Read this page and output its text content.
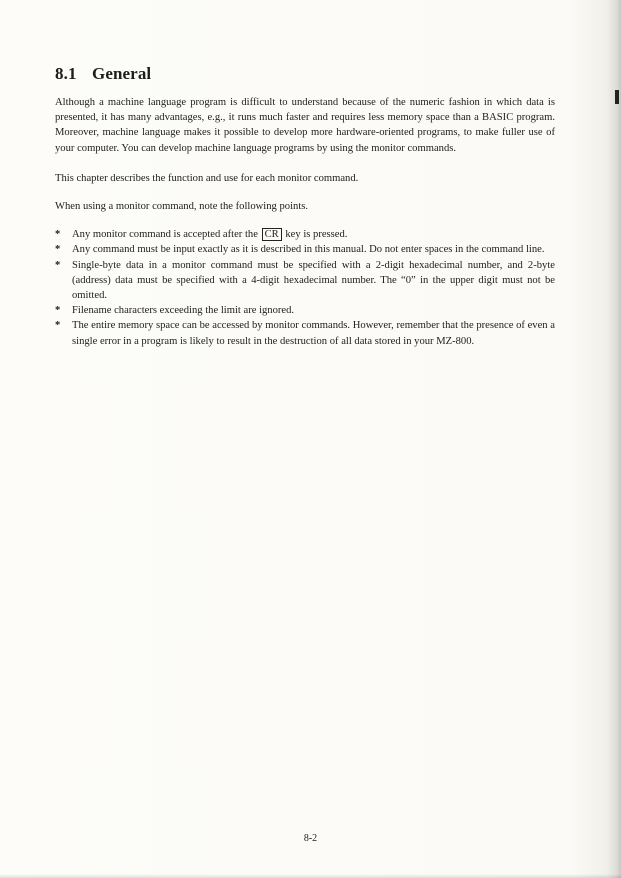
8.1 General

Although a machine language program is difficult to understand because of the numeric fashion in which data is presented, it has many advantages, e.g., it runs much faster and requires less memory space than a BASIC program. Moreover, machine language makes it possible to develop more hardware-oriented programs, to make fuller use of your computer. You can develop machine language programs by using the monitor commands.

This chapter describes the function and use for each monitor command.

When using a monitor command, note the following points.

* Any monitor command is accepted after the CR key is pressed.
* Any command must be input exactly as it is described in this manual. Do not enter spaces in the command line.
* Single-byte data in a monitor command must be specified with a 2-digit hexadecimal number, and 2-byte (address) data must be specified with a 4-digit hexadecimal number. The “0” in the upper digit must not be omitted.
* Filename characters exceeding the limit are ignored.
* The entire memory space can be accessed by monitor commands. However, remember that the presence of even a single error in a program is likely to result in the destruction of all data stored in your MZ-800.
8-2
